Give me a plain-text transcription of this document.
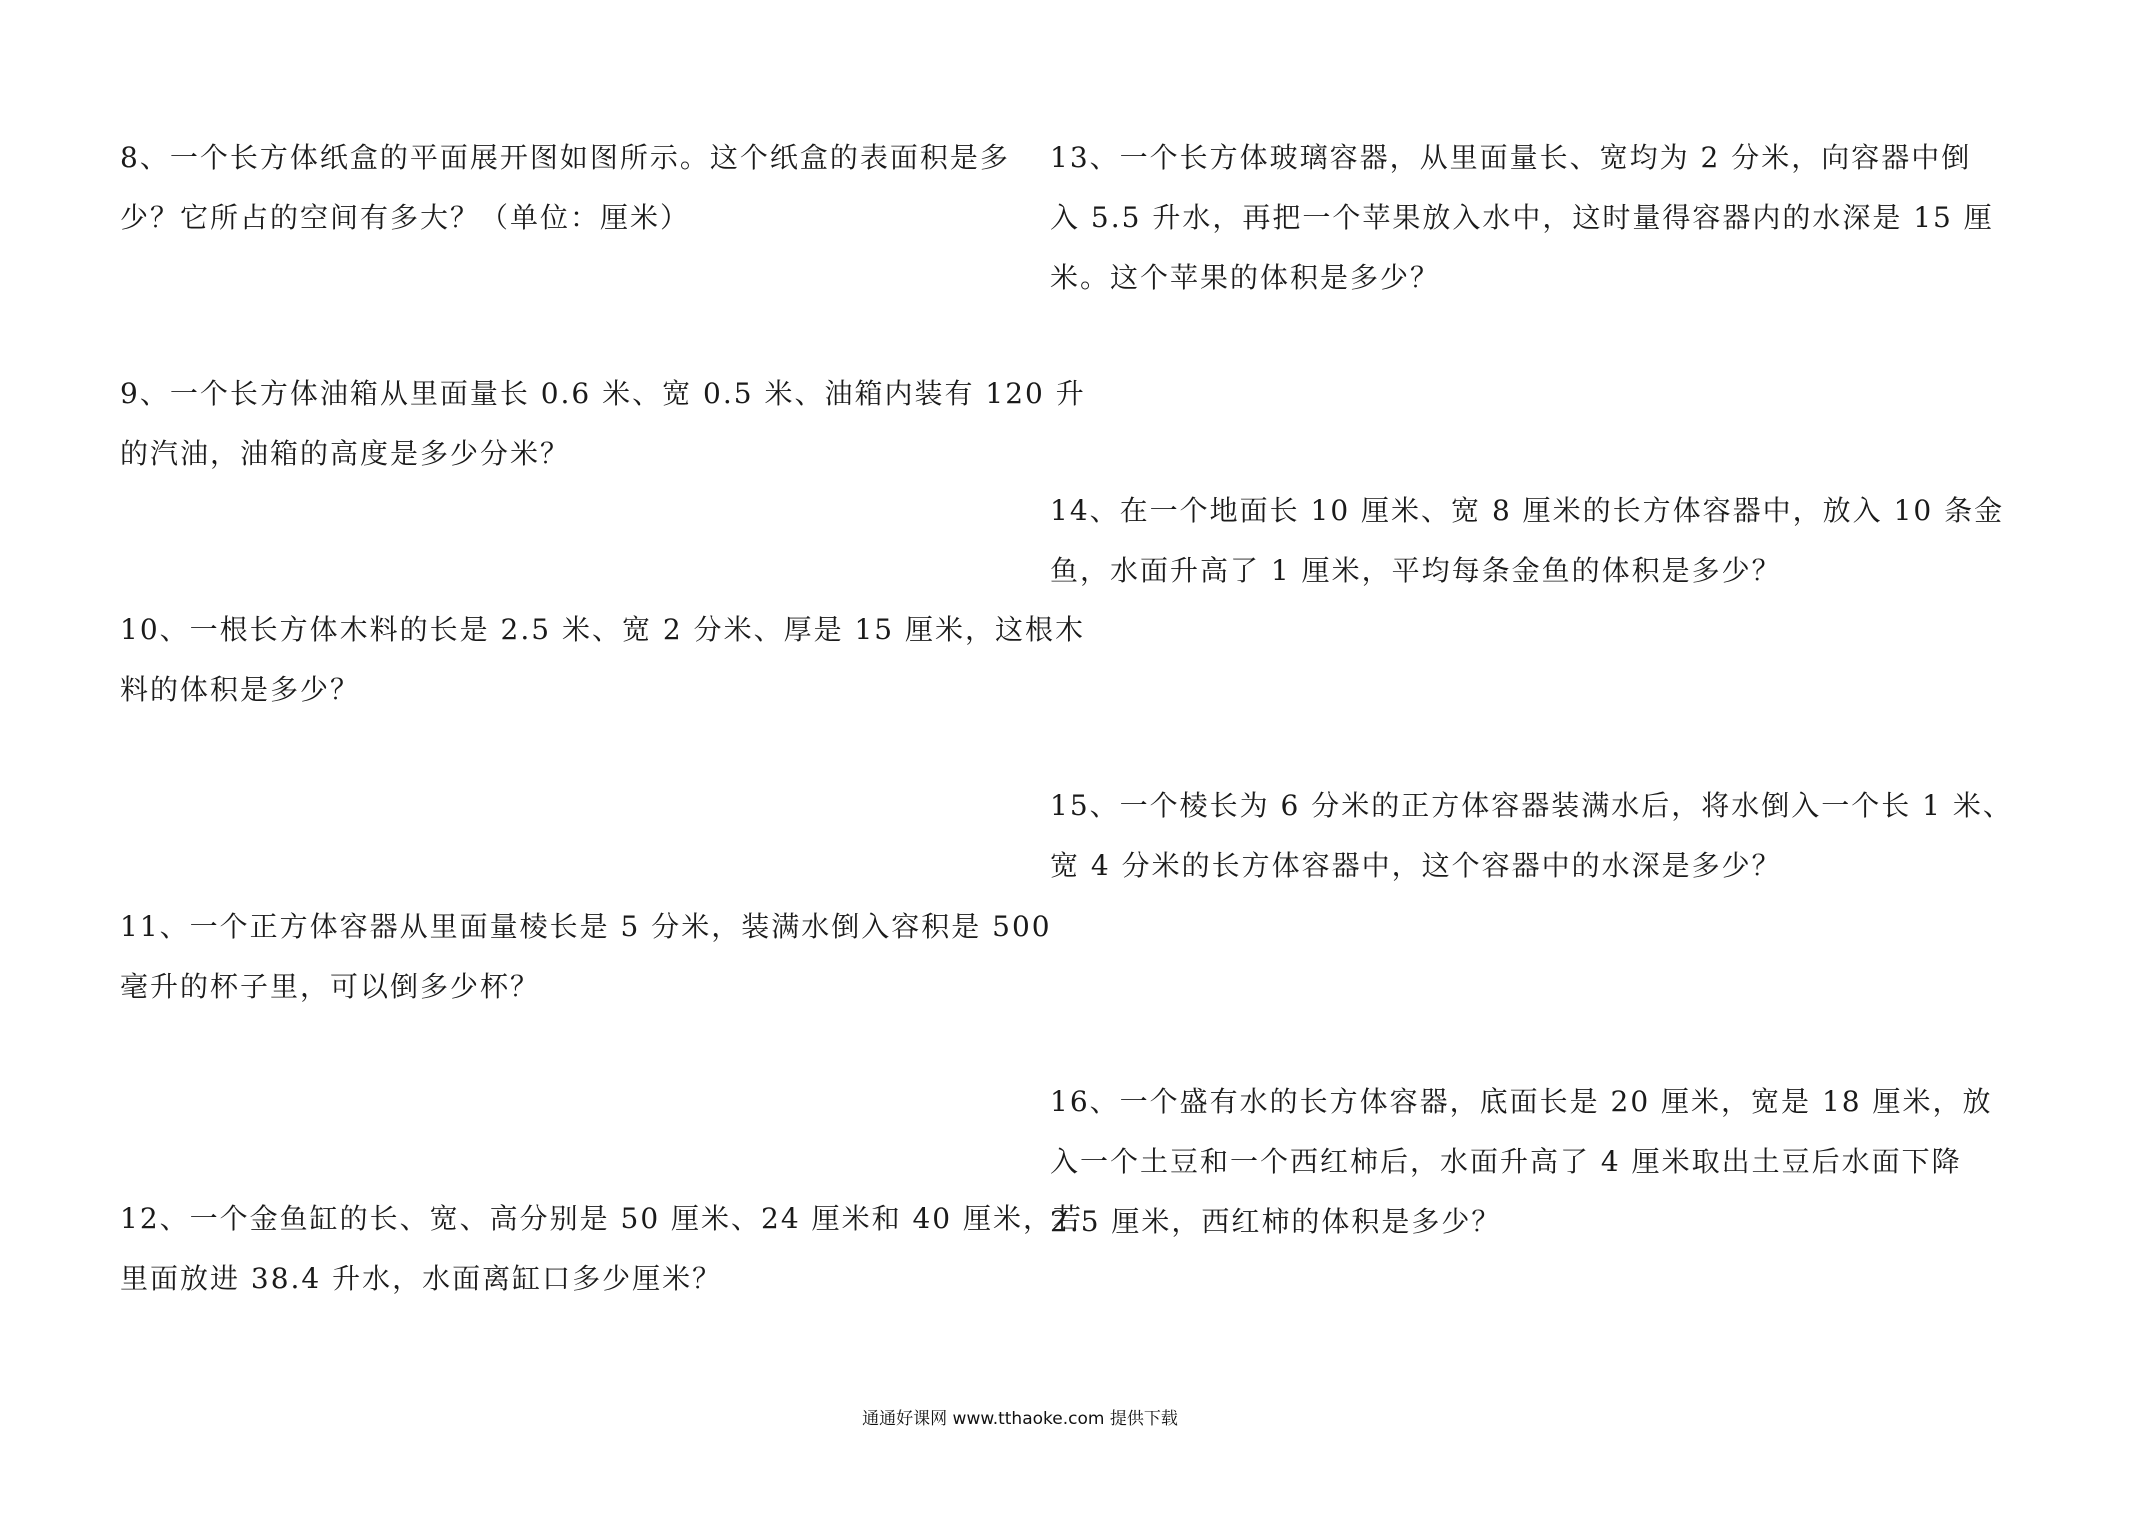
8、一个长方体纸盒的平面展开图如图所示。这个纸盒的表面积是多
少？它所占的空间有多大？（单位：厘米）
9、一个长方体油箱从里面量长 0.6 米、宽 0.5 米、油箱内装有 120 升
的汽油，油箱的高度是多少分米？
10、一根长方体木料的长是 2.5 米、宽 2 分米、厚是 15 厘米，这根木
料的体积是多少？
11、一个正方体容器从里面量棱长是 5 分米，装满水倒入容积是 500
毫升的杯子里，可以倒多少杯？
12、一个金鱼缸的长、宽、高分别是 50 厘米、24 厘米和 40 厘米，若
里面放进 38.4 升水，水面离缸口多少厘米？
13、一个长方体玻璃容器，从里面量长、宽均为 2 分米，向容器中倒
入 5.5 升水，再把一个苹果放入水中，这时量得容器内的水深是 15 厘
米。这个苹果的体积是多少？
14、在一个地面长 10 厘米、宽 8 厘米的长方体容器中，放入 10 条金
鱼，水面升高了 1 厘米，平均每条金鱼的体积是多少？
15、一个棱长为 6 分米的正方体容器装满水后，将水倒入一个长 1 米、
宽 4 分米的长方体容器中，这个容器中的水深是多少？
16、一个盛有水的长方体容器，底面长是 20 厘米，宽是 18 厘米，放
入一个土豆和一个西红柿后，水面升高了 4 厘米取出土豆后水面下降
2.5 厘米，西红柿的体积是多少？
通通好课网 www.tthaoke.com 提供下载
